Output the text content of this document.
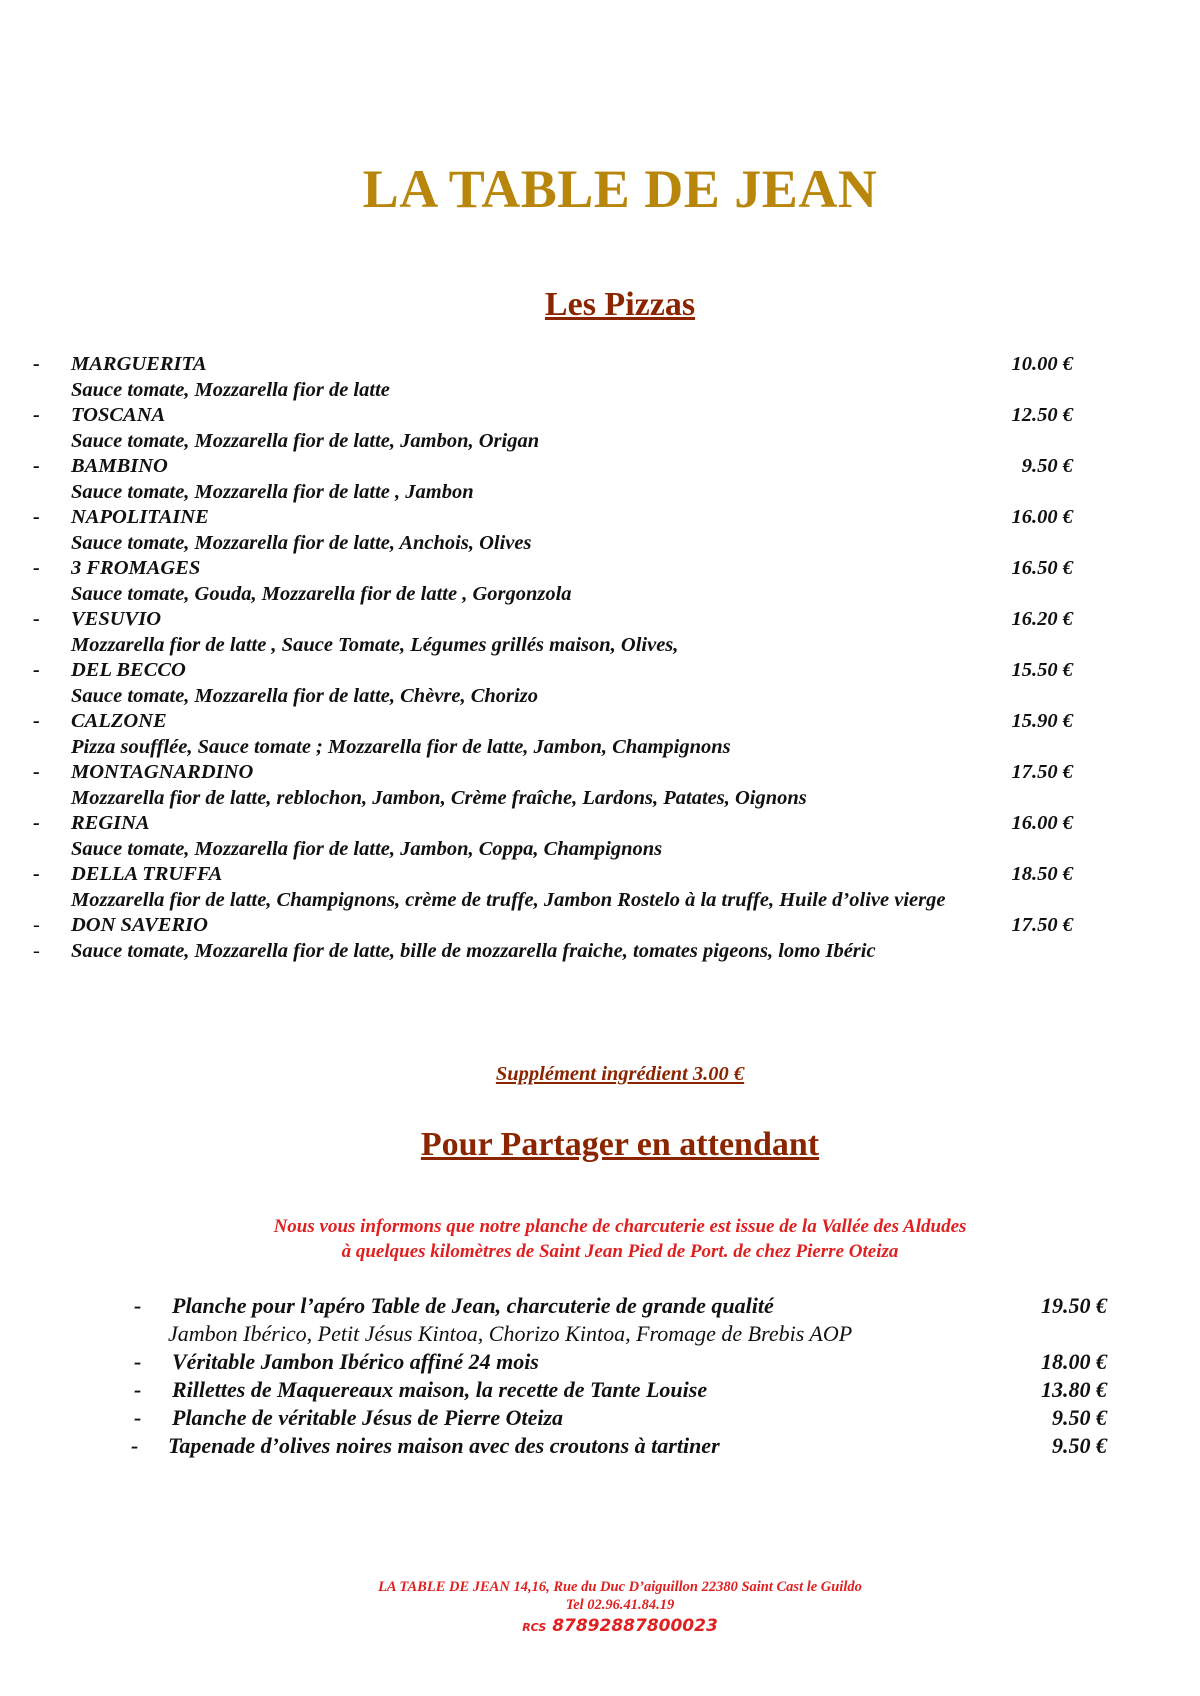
LA TABLE DE JEAN
Les Pizzas
- MARGUERITA	10.00 €
Sauce tomate, Mozzarella fior de latte
- TOSCANA	12.50 €
Sauce tomate, Mozzarella fior de latte, Jambon, Origan
- BAMBINO	9.50 €
Sauce tomate, Mozzarella fior de latte , Jambon
- NAPOLITAINE	16.00 €
Sauce tomate, Mozzarella fior de latte, Anchois, Olives
- 3 FROMAGES	16.50 €
Sauce tomate, Gouda, Mozzarella fior de latte , Gorgonzola
- VESUVIO	16.20 €
Mozzarella fior de latte , Sauce Tomate, Légumes grillés maison, Olives,
- DEL BECCO	15.50 €
Sauce tomate, Mozzarella fior de latte, Chèvre, Chorizo
- CALZONE	15.90 €
Pizza soufflée, Sauce tomate ; Mozzarella fior de latte, Jambon, Champignons
- MONTAGNARDINO	17.50 €
Mozzarella fior de latte, reblochon, Jambon, Crème fraîche, Lardons, Patates, Oignons
- REGINA	16.00 €
Sauce tomate, Mozzarella fior de latte, Jambon, Coppa, Champignons
- DELLA TRUFFA	18.50 €
Mozzarella fior de latte, Champignons, crème de truffe, Jambon Rostelo à la truffe, Huile d’olive vierge
- DON SAVERIO	17.50 €
- Sauce tomate, Mozzarella fior de latte, bille de mozzarella fraiche, tomates pigeons, lomo Ibéric
Supplément ingrédient 3.00 €
Pour Partager en attendant
Nous vous informons que notre planche de charcuterie est issue de la Vallée des Aldudes
à quelques kilomètres de Saint Jean Pied de Port. de chez Pierre Oteiza
- Planche pour l’apéro Table de Jean, charcuterie de grande qualité	19.50 €
Jambon Ibérico, Petit Jésus Kintoa, Chorizo Kintoa, Fromage de Brebis AOP
- Véritable Jambon Ibérico affiné 24 mois	18.00 €
- Rillettes de Maquereaux maison, la recette de Tante Louise	13.80 €
- Planche de véritable Jésus de Pierre Oteiza	9.50 €
- Tapenade d’olives noires maison avec des croutons à tartiner	9.50 €
LA TABLE DE JEAN 14,16, Rue du Duc D’aiguillon 22380 Saint Cast le Guildo
Tel 02.96.41.84.19
RCS 87892887800023
